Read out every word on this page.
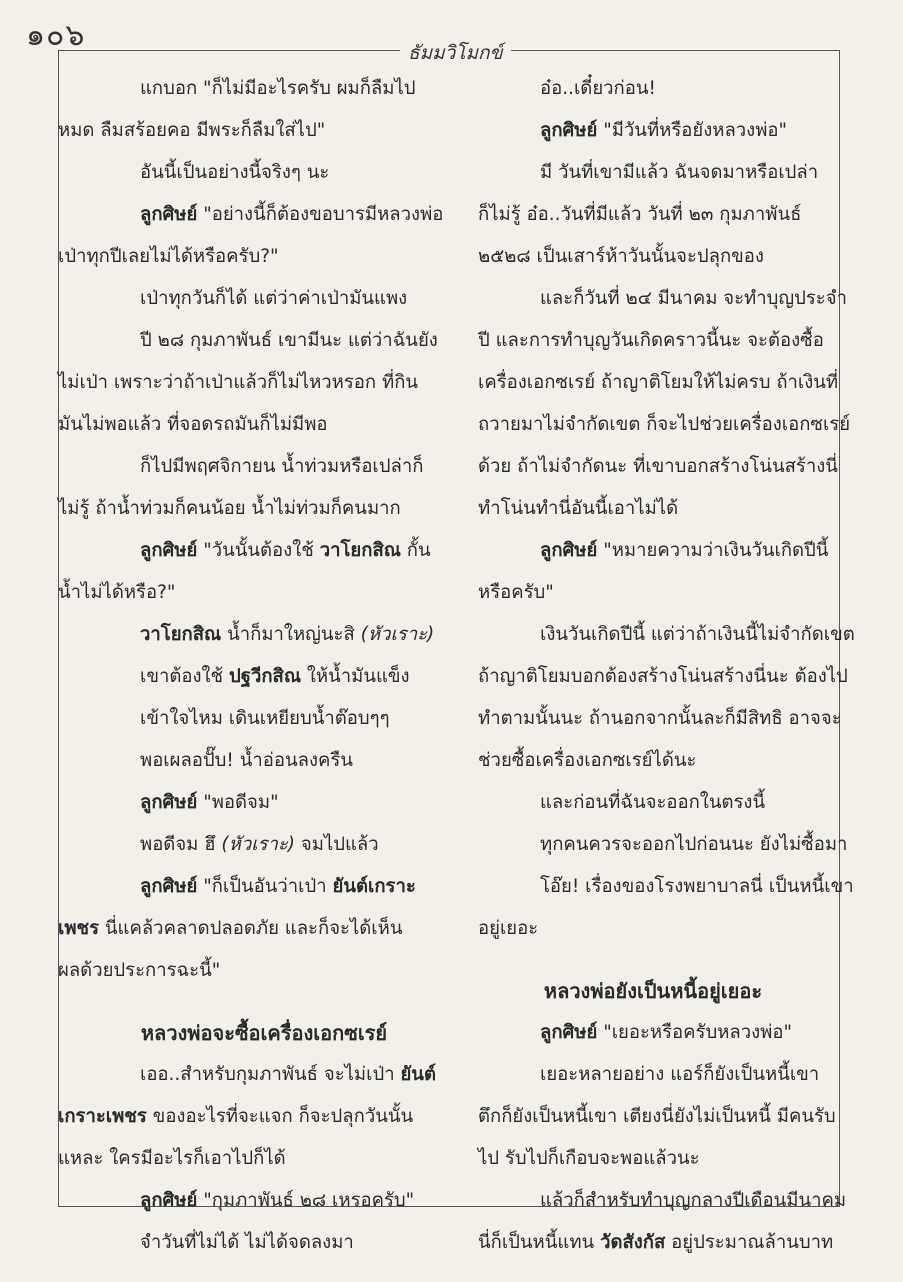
๑๐๖	ธัมมวิโมกข์
แกบอก "ก็ไม่มีอะไรครับ ผมก็ลืมไป
หมด ลืมสร้อยคอ มีพระก็ลืมใส่ไป"
อันนี้เป็นอย่างนี้จริงๆ นะ
ลูกศิษย์ "อย่างนี้ก็ต้องขอบารมีหลวงพ่อ
เป่าทุกปีเลยไม่ได้หรือครับ?"
เป่าทุกวันก็ได้ แต่ว่าค่าเป่ามันแพง
ปี ๒๘ กุมภาพันธ์ เขามีนะ แต่ว่าฉันยัง
ไม่เป่า เพราะว่าถ้าเป่าแล้วก็ไม่ไหวหรอก ที่กิน
มันไม่พอแล้ว ที่จอดรถมันก็ไม่มีพอ
ก็ไปมีพฤศจิกายน น้ำท่วมหรือเปล่าก็
ไม่รู้ ถ้าน้ำท่วมก็คนน้อย น้ำไม่ท่วมก็คนมาก
ลูกศิษย์ "วันนั้นต้องใช้ วาโยกสิณ กั้น
น้ำไม่ได้หรือ?"
วาโยกสิณ น้ำก็มาใหญ่นะสิ (หัวเราะ)
เขาต้องใช้ ปฐวีกสิณ ให้น้ำมันแข็ง
เข้าใจไหม เดินเหยียบน้ำต๊อบๆๆ
พอเผลอปั๊บ! น้ำอ่อนลงครืน
ลูกศิษย์ "พอดีจม"
พอดีจม ฮึ (หัวเราะ) จมไปแล้ว
ลูกศิษย์ "ก็เป็นอันว่าเป่า ยันต์เกราะ
เพชร นี่แคล้วคลาดปลอดภัย และก็จะได้เห็น
ผลด้วยประการฉะนี้"
หลวงพ่อจะซื้อเครื่องเอกซเรย์
เออ..สำหรับกุมภาพันธ์ จะไม่เป่า ยันต์
เกราะเพชร ของอะไรที่จะแจก ก็จะปลุกวันนั้น
แหละ ใครมีอะไรก็เอาไปก็ได้
ลูกศิษย์ "กุมภาพันธ์ ๒๘ เหรอครับ"
จำวันที่ไม่ได้ ไม่ได้จดลงมา
อ๋อ..เดี๋ยวก่อน!
ลูกศิษย์ "มีวันที่หรือยังหลวงพ่อ"
มี วันที่เขามีแล้ว ฉันจดมาหรือเปล่า
ก็ไม่รู้ อ๋อ..วันที่มีแล้ว วันที่ ๒๓ กุมภาพันธ์
๒๕๒๘ เป็นเสาร์ห้าวันนั้นจะปลุกของ
และก็วันที่ ๒๔ มีนาคม จะทำบุญประจำ
ปี และการทำบุญวันเกิดคราวนี้นะ จะต้องซื้อ
เครื่องเอกซเรย์ ถ้าญาติโยมให้ไม่ครบ ถ้าเงินที่
ถวายมาไม่จำกัดเขต ก็จะไปช่วยเครื่องเอกซเรย์
ด้วย ถ้าไม่จำกัดนะ ที่เขาบอกสร้างโน่นสร้างนี่
ทำโน่นทำนี่อันนี้เอาไม่ได้
ลูกศิษย์ "หมายความว่าเงินวันเกิดปีนี้
หรือครับ"
เงินวันเกิดปีนี้ แต่ว่าถ้าเงินนี้ไม่จำกัดเขต
ถ้าญาติโยมบอกต้องสร้างโน่นสร้างนี่นะ ต้องไป
ทำตามนั้นนะ ถ้านอกจากนั้นละก็มีสิทธิ อาจจะ
ช่วยซื้อเครื่องเอกซเรย์ได้นะ
และก่อนที่ฉันจะออกในตรงนี้
ทุกคนควรจะออกไปก่อนนะ ยังไม่ซื้อมา
โอ๊ย! เรื่องของโรงพยาบาลนี่ เป็นหนี้เขา
อยู่เยอะ
หลวงพ่อยังเป็นหนี้อยู่เยอะ
ลูกศิษย์ "เยอะหรือครับหลวงพ่อ"
เยอะหลายอย่าง แอร์ก็ยังเป็นหนี้เขา
ตึกก็ยังเป็นหนี้เขา เตียงนี่ยังไม่เป็นหนี้ มีคนรับ
ไป รับไปก็เกือบจะพอแล้วนะ
แล้วก็สำหรับทำบุญกลางปีเดือนมีนาคม
นี่ก็เป็นหนี้แทน วัดสังกัส อยู่ประมาณล้านบาท
